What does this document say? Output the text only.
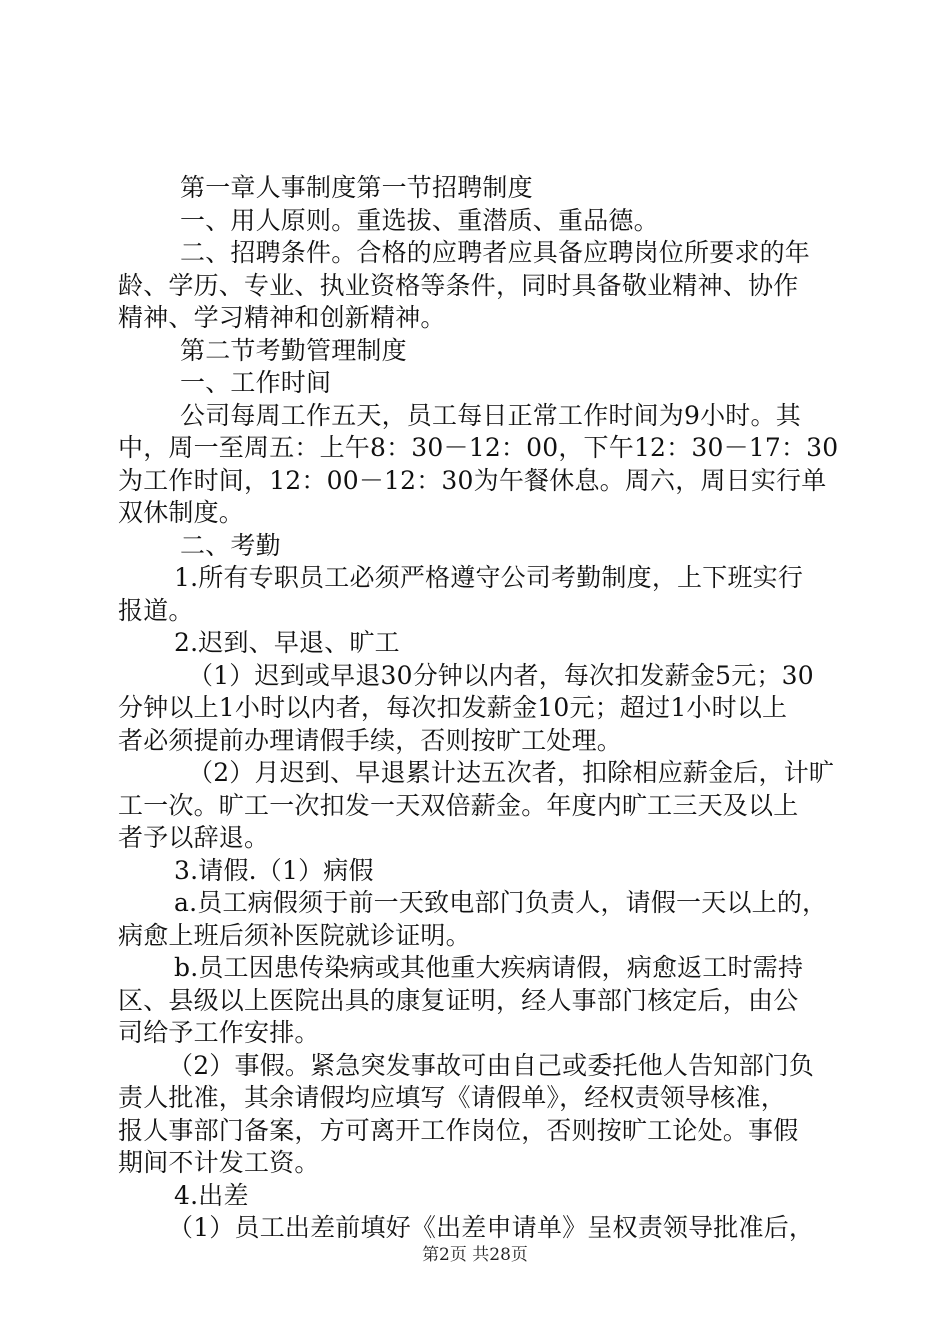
第一章人事制度第一节招聘制度
一、用人原则。重选拔、重潜质、重品德。
二、招聘条件。合格的应聘者应具备应聘岗位所要求的年
龄、学历、专业、执业资格等条件，同时具备敬业精神、协作
精神、学习精神和创新精神。
第二节考勤管理制度
一、工作时间
公司每周工作五天，员工每日正常工作时间为9小时。其
中，周一至周五：上午8：30－12：00，下午12：30－17：30
为工作时间，12：00－12：30为午餐休息。周六，周日实行单
双休制度。
二、考勤
1.所有专职员工必须严格遵守公司考勤制度，上下班实行
报道。
2.迟到、早退、旷工
（1）迟到或早退30分钟以内者，每次扣发薪金5元；30
分钟以上1小时以内者，每次扣发薪金10元；超过1小时以上
者必须提前办理请假手续，否则按旷工处理。
（2）月迟到、早退累计达五次者，扣除相应薪金后，计旷
工一次。旷工一次扣发一天双倍薪金。年度内旷工三天及以上
者予以辞退。
3.请假.（1）病假
a.员工病假须于前一天致电部门负责人，请假一天以上的，
病愈上班后须补医院就诊证明。
b.员工因患传染病或其他重大疾病请假，病愈返工时需持
区、县级以上医院出具的康复证明，经人事部门核定后，由公
司给予工作安排。
（2）事假。紧急突发事故可由自己或委托他人告知部门负
责人批准，其余请假均应填写《请假单》，经权责领导核准，
报人事部门备案，方可离开工作岗位，否则按旷工论处。事假
期间不计发工资。
4.出差
（1）员工出差前填好《出差申请单》呈权责领导批准后，
第2页 共28页
